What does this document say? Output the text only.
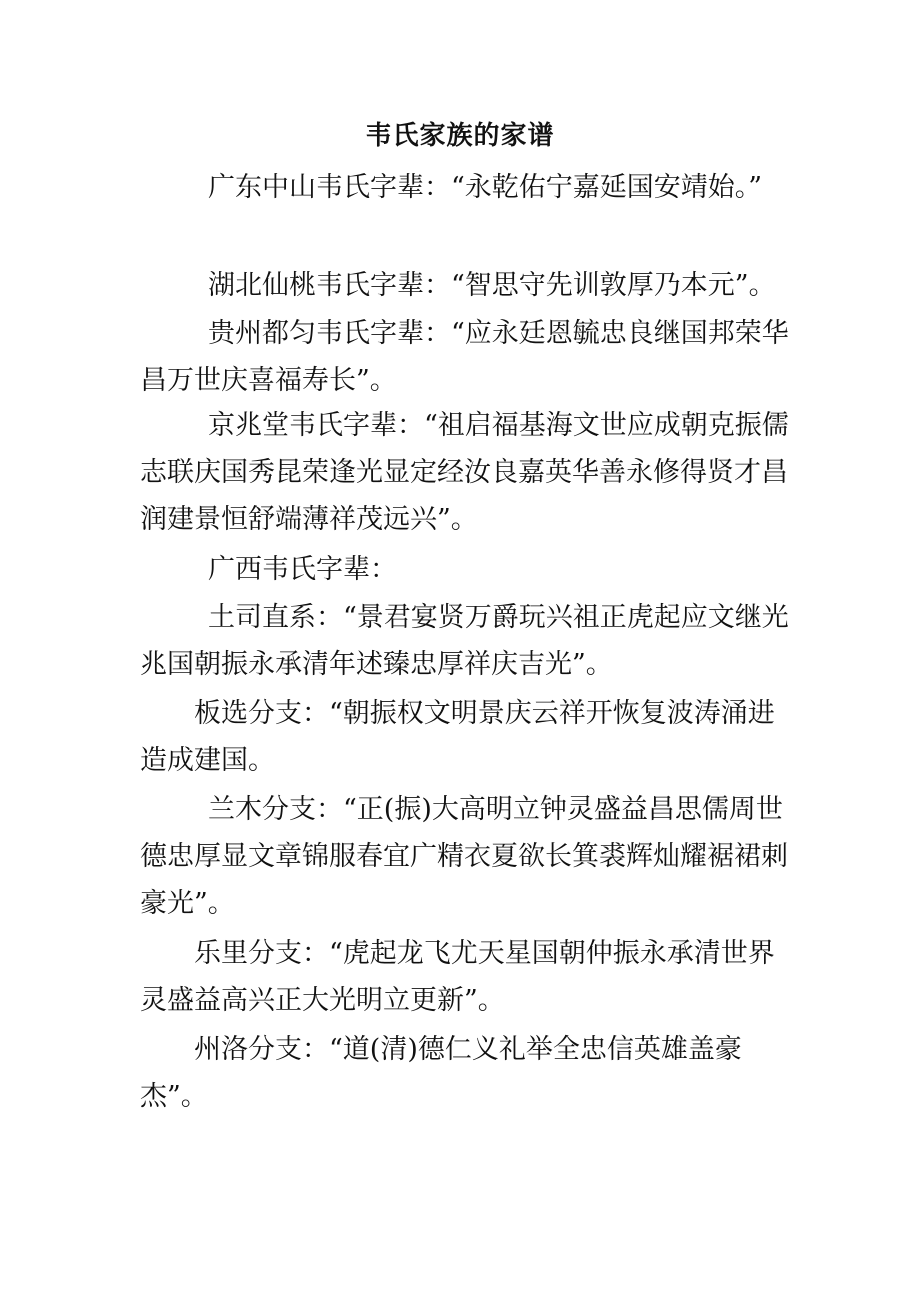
韦氏家族的家谱

广东中山韦氏字辈：“永乾佑宁嘉延国安靖始。”

湖北仙桃韦氏字辈：“智思守先训敦厚乃本元”。

贵州都匀韦氏字辈：“应永廷恩毓忠良继国邦荣华昌万世庆喜福寿长”。

京兆堂韦氏字辈：“祖启福基海文世应成朝克振儒志联庆国秀昆荣逢光显定经汝良嘉英华善永修得贤才昌润建景恒舒端薄祥茂远兴”。

广西韦氏字辈：

土司直系：“景君宴贤万爵玩兴祖正虎起应文继光兆国朝振永承清年述臻忠厚祥庆吉光”。

板选分支：“朝振权文明景庆云祥开恢复波涛涌进造成建国。

兰木分支：“正(振)大高明立钟灵盛益昌思儒周世德忠厚显文章锦服春宜广精衣夏欲长箕裘辉灿耀裾裙刺豪光”。

乐里分支：“虎起龙飞尤天星国朝仲振永承清世界灵盛益高兴正大光明立更新”。

州洛分支：“道(清)德仁义礼举全忠信英雄盖豪杰”。
